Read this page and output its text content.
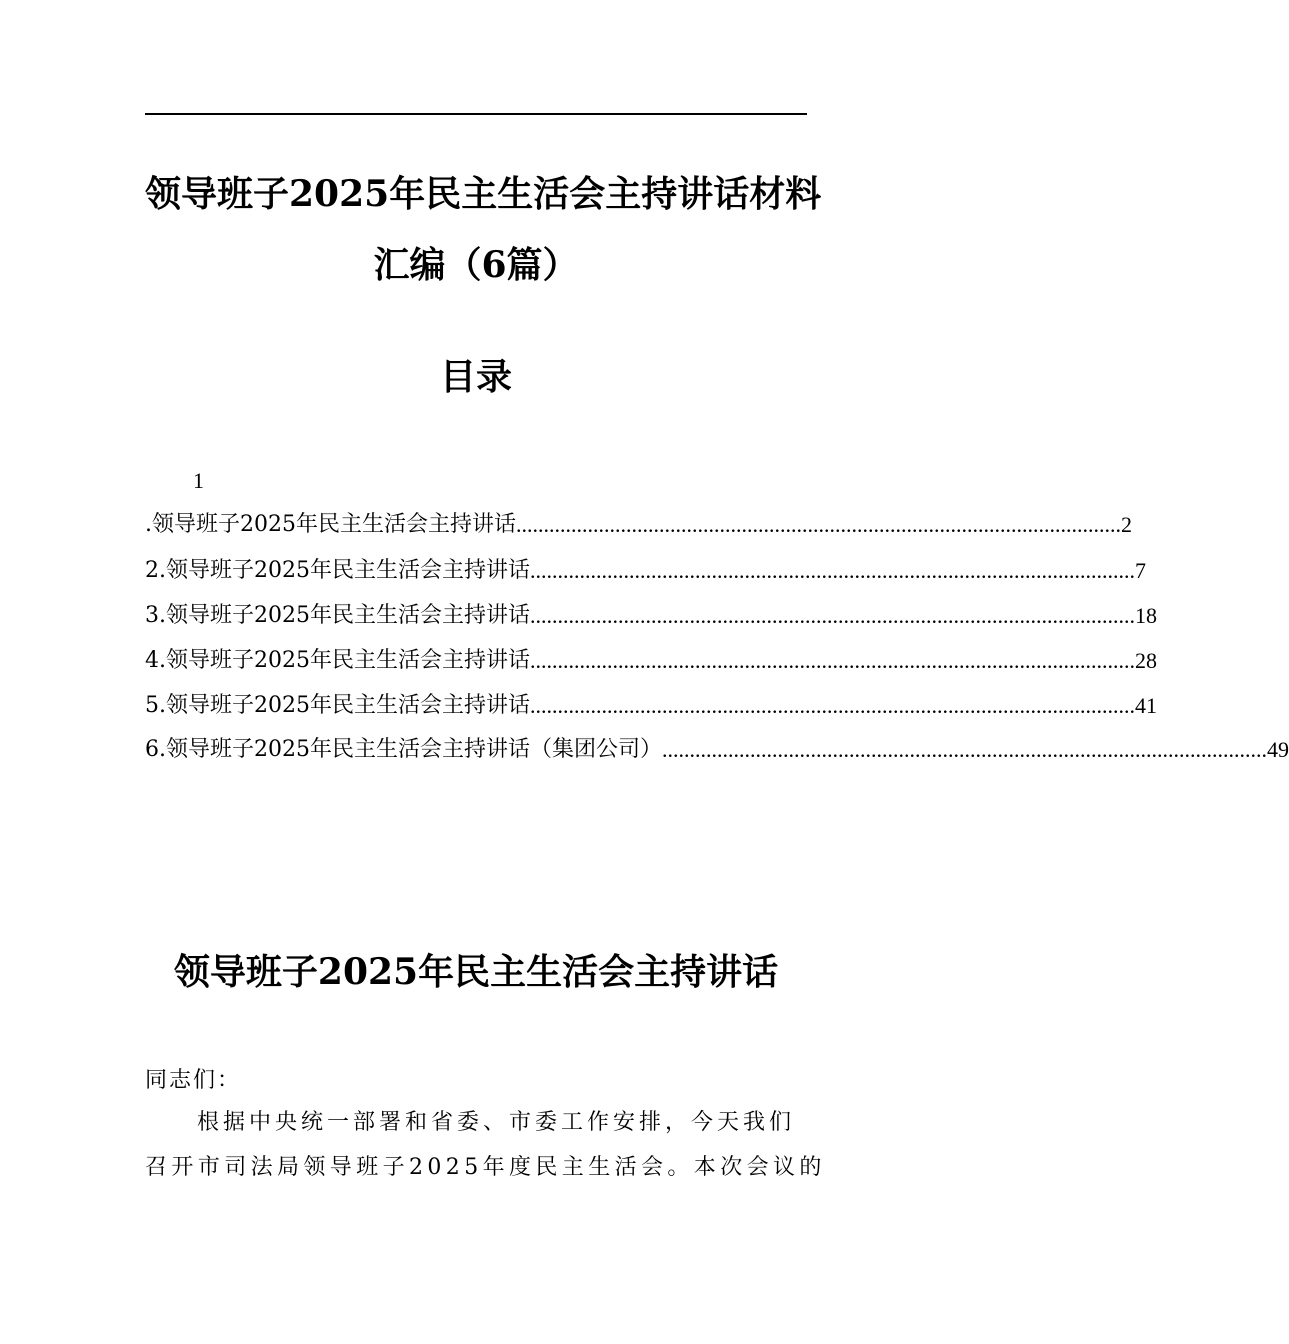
领导班子2025年民主生活会主持讲话材料
汇编（6篇）
目录
1
.领导班子2025年民主生活会主持讲话 .............................................................................................................. 2
2.领导班子2025年民主生活会主持讲话 .............................................................................................................. 7
3.领导班子2025年民主生活会主持讲话 .............................................................................................................. 18
4.领导班子2025年民主生活会主持讲话 .............................................................................................................. 28
5.领导班子2025年民主生活会主持讲话 .............................................................................................................. 41
6.领导班子2025年民主生活会主持讲话（集团公司） .............................................................................................................. 49
领导班子2025年民主生活会主持讲话
同志们：
根据中央统一部署和省委、市委工作安排，今天我们
召开市司法局领导班子2025年度民主生活会。本次会议的
